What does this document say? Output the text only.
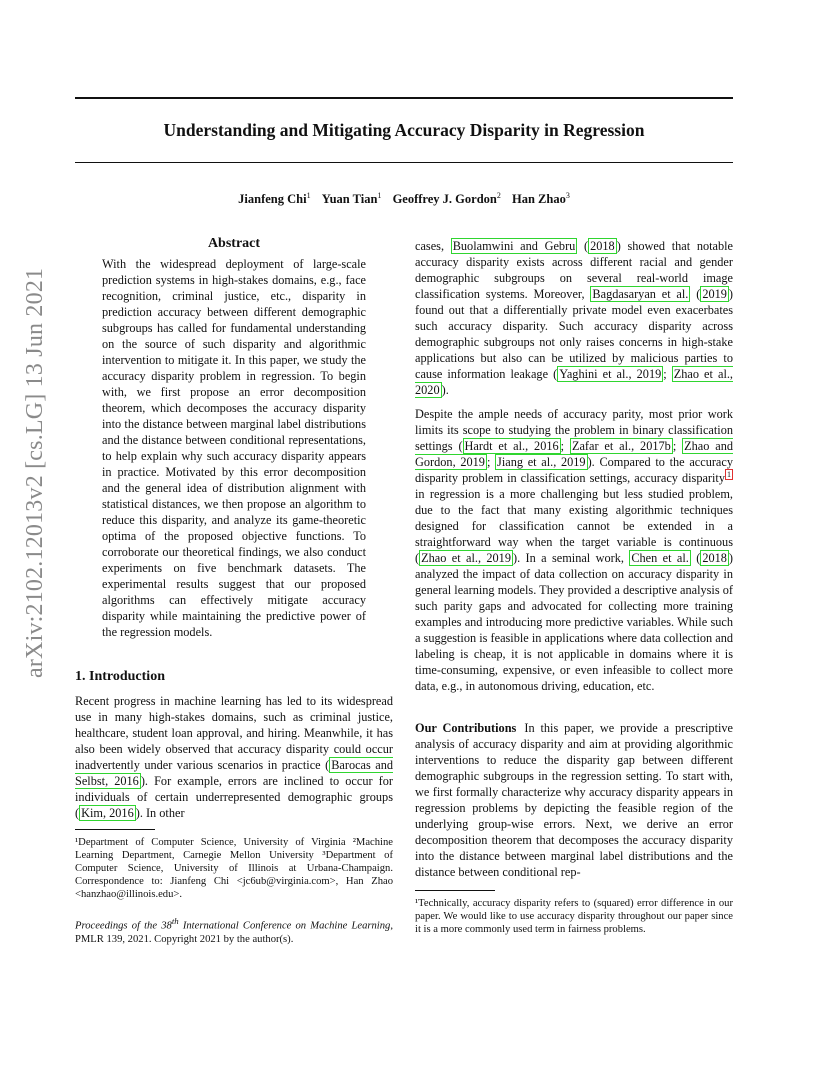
Understanding and Mitigating Accuracy Disparity in Regression
Jianfeng Chi$^1$ Yuan Tian$^1$ Geoffrey J. Gordon$^2$ Han Zhao$^3$
arXiv:2102.12013v2 [cs.LG] 13 Jun 2021
Abstract

With the widespread deployment of large-scale prediction systems in high-stakes domains, e.g., face recognition, criminal justice, etc., disparity in prediction accuracy between different demographic subgroups has called for fundamental understanding on the source of such disparity and algorithmic intervention to mitigate it. In this paper, we study the accuracy disparity problem in regression. To begin with, we first propose an error decomposition theorem, which decomposes the accuracy disparity into the distance between marginal label distributions and the distance between conditional representations, to help explain why such accuracy disparity appears in practice. Motivated by this error decomposition and the general idea of distribution alignment with statistical distances, we then propose an algorithm to reduce this disparity, and analyze its game-theoretic optima of the proposed objective functions. To corroborate our theoretical findings, we also conduct experiments on five benchmark datasets. The experimental results suggest that our proposed algorithms can effectively mitigate accuracy disparity while maintaining the predictive power of the regression models.

1. Introduction

Recent progress in machine learning has led to its widespread use in many high-stakes domains, such as criminal justice, healthcare, student loan approval, and hiring. Meanwhile, it has also been widely observed that accuracy disparity could occur inadvertently under various scenarios in practice ( Barocas and Selbst, 2016 ). For example, errors are inclined to occur for individuals of certain underrepresented demographic groups ( Kim, 2016 ). In other

¹Department of Computer Science, University of Virginia ²Machine Learning Department, Carnegie Mellon University ³Department of Computer Science, University of Illinois at Urbana-Champaign. Correspondence to: Jianfeng Chi <jc6ub@virginia.com>, Han Zhao <hanzhao@illinois.edu>.

Proceedings of the 38th International Conference on Machine Learning, PMLR 139, 2021. Copyright 2021 by the author(s).

cases, Buolamwini and Gebru ( 2018 ) showed that notable accuracy disparity exists across different racial and gender demographic subgroups on several real-world image classification systems. Moreover, Bagdasaryan et al. ( 2019 ) found out that a differentially private model even exacerbates such accuracy disparity. Such accuracy disparity across demographic subgroups not only raises concerns in high-stake applications but also can be utilized by malicious parties to cause information leakage ( Yaghini et al., 2019 ; Zhao et al., 2020 ).

Despite the ample needs of accuracy parity, most prior work limits its scope to studying the problem in binary classification settings ( Hardt et al., 2016 ; Zafar et al., 2017b ; Zhao and Gordon, 2019 ; Jiang et al., 2019 ). Compared to the accuracy disparity problem in classification settings, accuracy disparity $^1$ in regression is a more challenging but less studied problem, due to the fact that many existing algorithmic techniques designed for classification cannot be extended in a straightforward way when the target variable is continuous ( Zhao et al., 2019 ). In a seminal work, Chen et al. ( 2018 ) analyzed the impact of data collection on accuracy disparity in general learning models. They provided a descriptive analysis of such parity gaps and advocated for collecting more training examples and introducing more predictive variables. While such a suggestion is feasible in applications where data collection and labeling is cheap, it is not applicable in domains where it is time-consuming, expensive, or even infeasible to collect more data, e.g., in autonomous driving, education, etc.

Our Contributions In this paper, we provide a prescriptive analysis of accuracy disparity and aim at providing algorithmic interventions to reduce the disparity gap between different demographic subgroups in the regression setting. To start with, we first formally characterize why accuracy disparity appears in regression problems by depicting the feasible region of the underlying group-wise errors. Next, we derive an error decomposition theorem that decomposes the accuracy disparity into the distance between marginal label distributions and the distance between conditional rep-

¹Technically, accuracy disparity refers to (squared) error difference in our paper. We would like to use accuracy disparity throughout our paper since it is a more commonly used term in fairness problems.
